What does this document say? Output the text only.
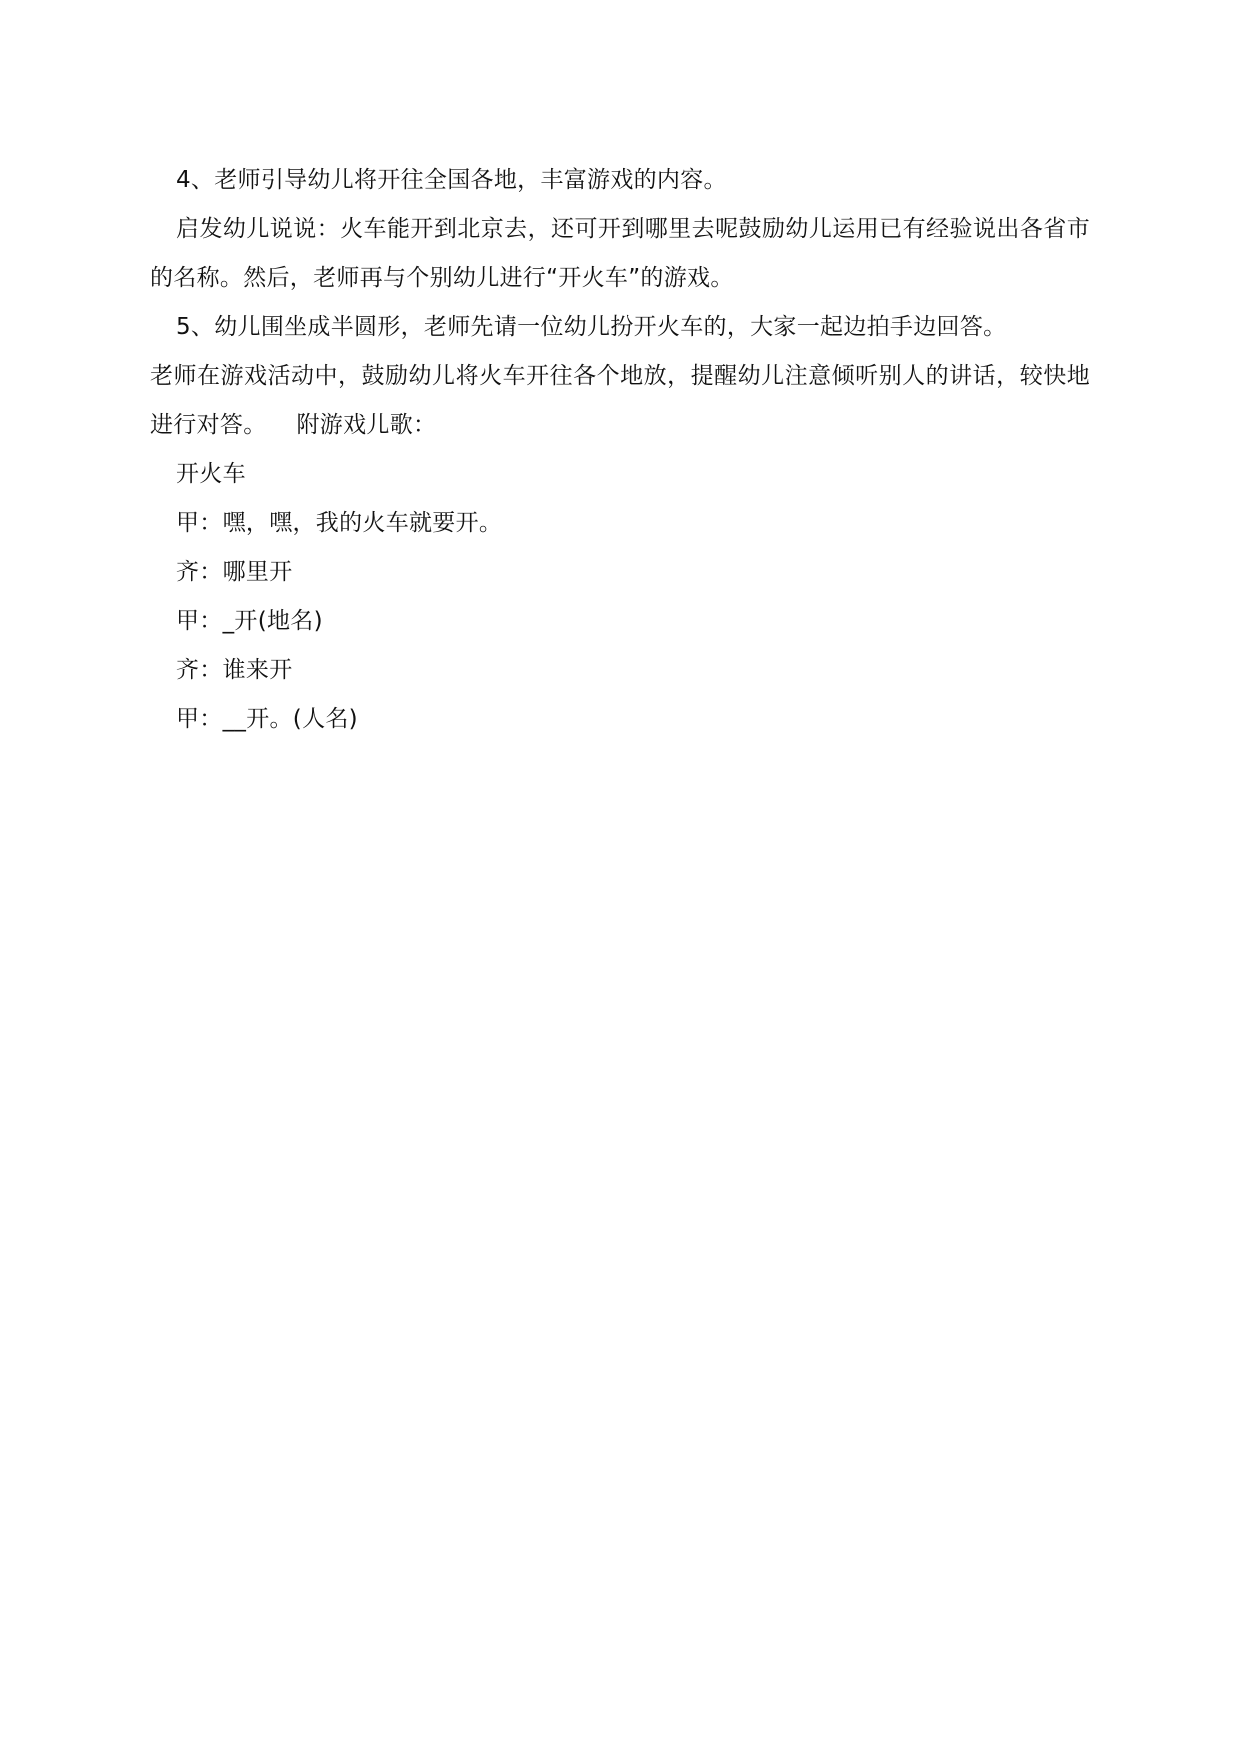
4、老师引导幼儿将开往全国各地，丰富游戏的内容。

启发幼儿说说：火车能开到北京去，还可开到哪里去呢鼓励幼儿运用已有经验说出各省市的名称。然后，老师再与个别幼儿进行“开火车”的游戏。

5、幼儿围坐成半圆形，老师先请一位幼儿扮开火车的，大家一起边拍手边回答。

老师在游戏活动中，鼓励幼儿将火车开往各个地放，提醒幼儿注意倾听别人的讲话，较快地进行对答。 附游戏儿歌：

开火车

甲：嘿，嘿，我的火车就要开。

齐：哪里开

甲：_开(地名)

齐：谁来开

甲：__开。(人名)
